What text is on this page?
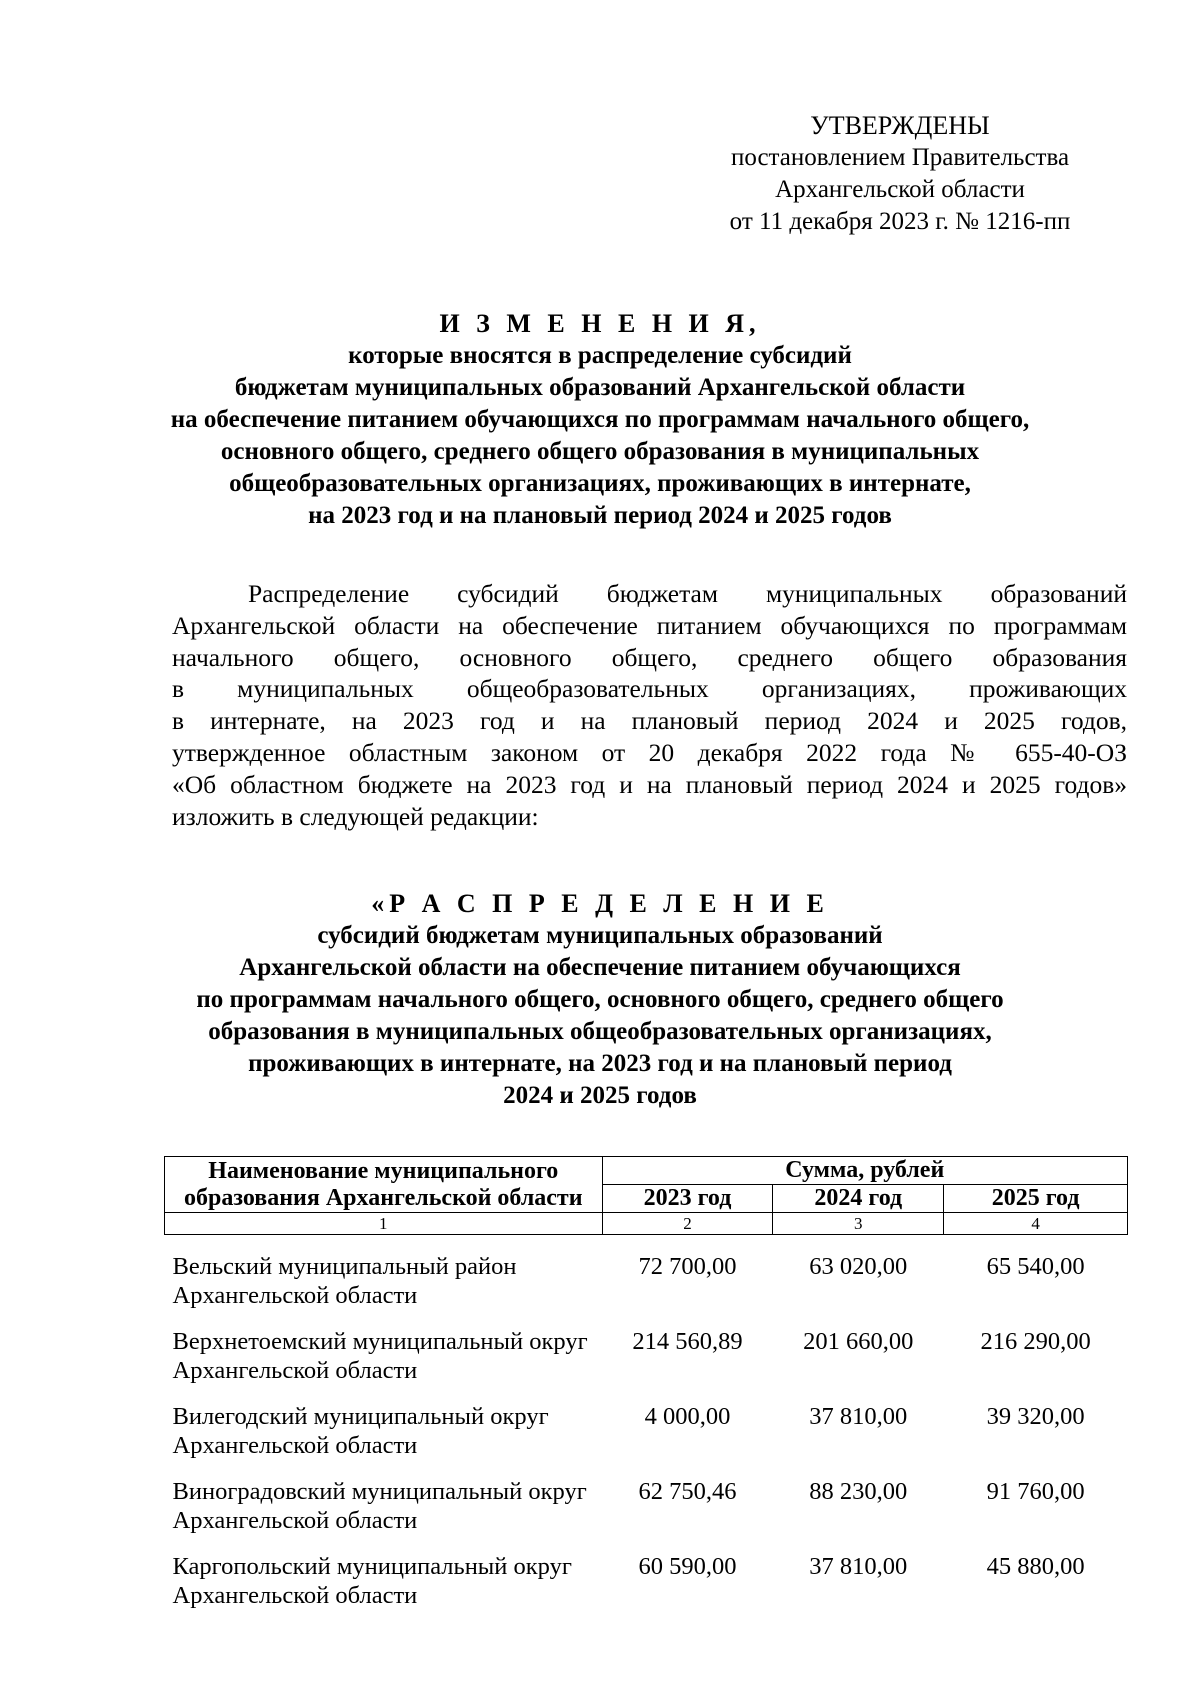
УТВЕРЖДЕНЫ
постановлением Правительства
Архангельской области
от 11 декабря 2023 г. № 1216-пп
И З М Е Н Е Н И Я,
которые вносятся в распределение субсидий
бюджетам муниципальных образований Архангельской области
на обеспечение питанием обучающихся по программам начального общего,
основного общего, среднего общего образования в муниципальных
общеобразовательных организациях, проживающих в интернате,
на 2023 год и на плановый период 2024 и 2025 годов
Распределение субсидий бюджетам муниципальных образований
Архангельской области на обеспечение питанием обучающихся по программам
начального общего, основного общего, среднего общего образования
в муниципальных общеобразовательных организациях, проживающих
в интернате, на 2023 год и на плановый период 2024 и 2025 годов,
утвержденное областным законом от 20 декабря 2022 года № 655-40-ОЗ
«Об областном бюджете на 2023 год и на плановый период 2024 и 2025 годов»
изложить в следующей редакции:
«Р А С П Р Е Д Е Л Е Н И Е
субсидий бюджетам муниципальных образований
Архангельской области на обеспечение питанием обучающихся
по программам начального общего, основного общего, среднего общего
образования в муниципальных общеобразовательных организациях,
проживающих в интернате, на 2023 год и на плановый период
2024 и 2025 годов
Наименование муниципального
образования Архангельской области	Сумма, рублей		
	2023 год	2024 год	2025 год
1	2	3	4

Вельский муниципальный район
Архангельской области	72 700,00	63 020,00	65 540,00

Верхнетоемский муниципальный округ
Архангельской области	214 560,89	201 660,00	216 290,00

Вилегодский муниципальный округ
Архангельской области	4 000,00	37 810,00	39 320,00

Виноградовский муниципальный округ
Архангельской области	62 750,46	88 230,00	91 760,00

Каргопольский муниципальный округ
Архангельской области	60 590,00	37 810,00	45 880,00
